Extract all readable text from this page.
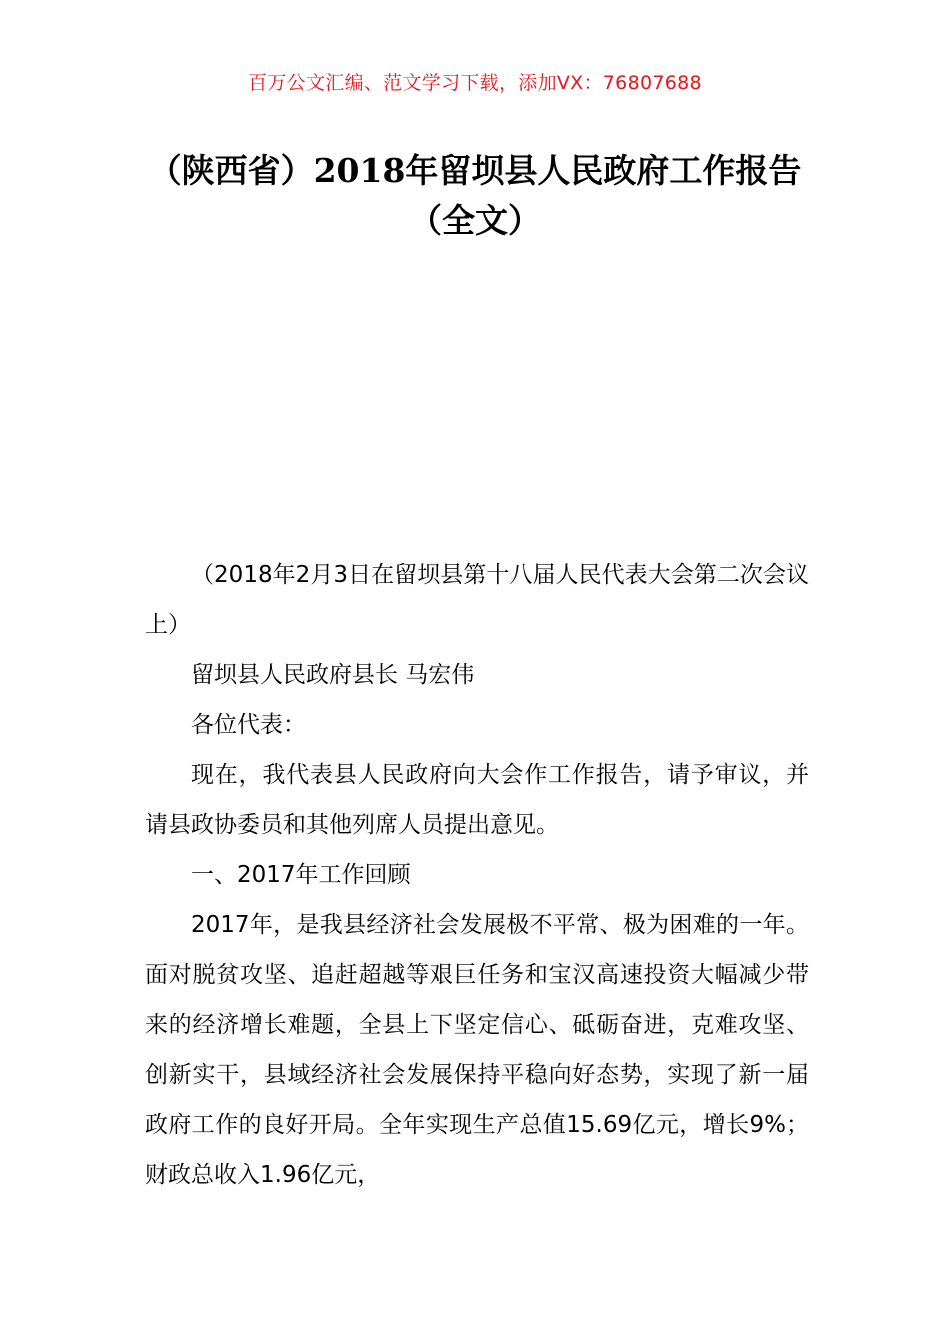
百万公文汇编、范文学习下载，添加VX：76807688
（陕西省）2018年留坝县人民政府工作报告（全文）

（2018年2月3日在留坝县第十八届人民代表大会第二次会议上）

留坝县人民政府县长 马宏伟

各位代表：

现在，我代表县人民政府向大会作工作报告，请予审议，并请县政协委员和其他列席人员提出意见。

一、2017年工作回顾

2017年，是我县经济社会发展极不平常、极为困难的一年。面对脱贫攻坚、追赶超越等艰巨任务和宝汉高速投资大幅减少带来的经济增长难题，全县上下坚定信心、砥砺奋进，克难攻坚、创新实干，县域经济社会发展保持平稳向好态势，实现了新一届政府工作的良好开局。全年实现生产总值15.69亿元，增长9%；财政总收入1.96亿元，
